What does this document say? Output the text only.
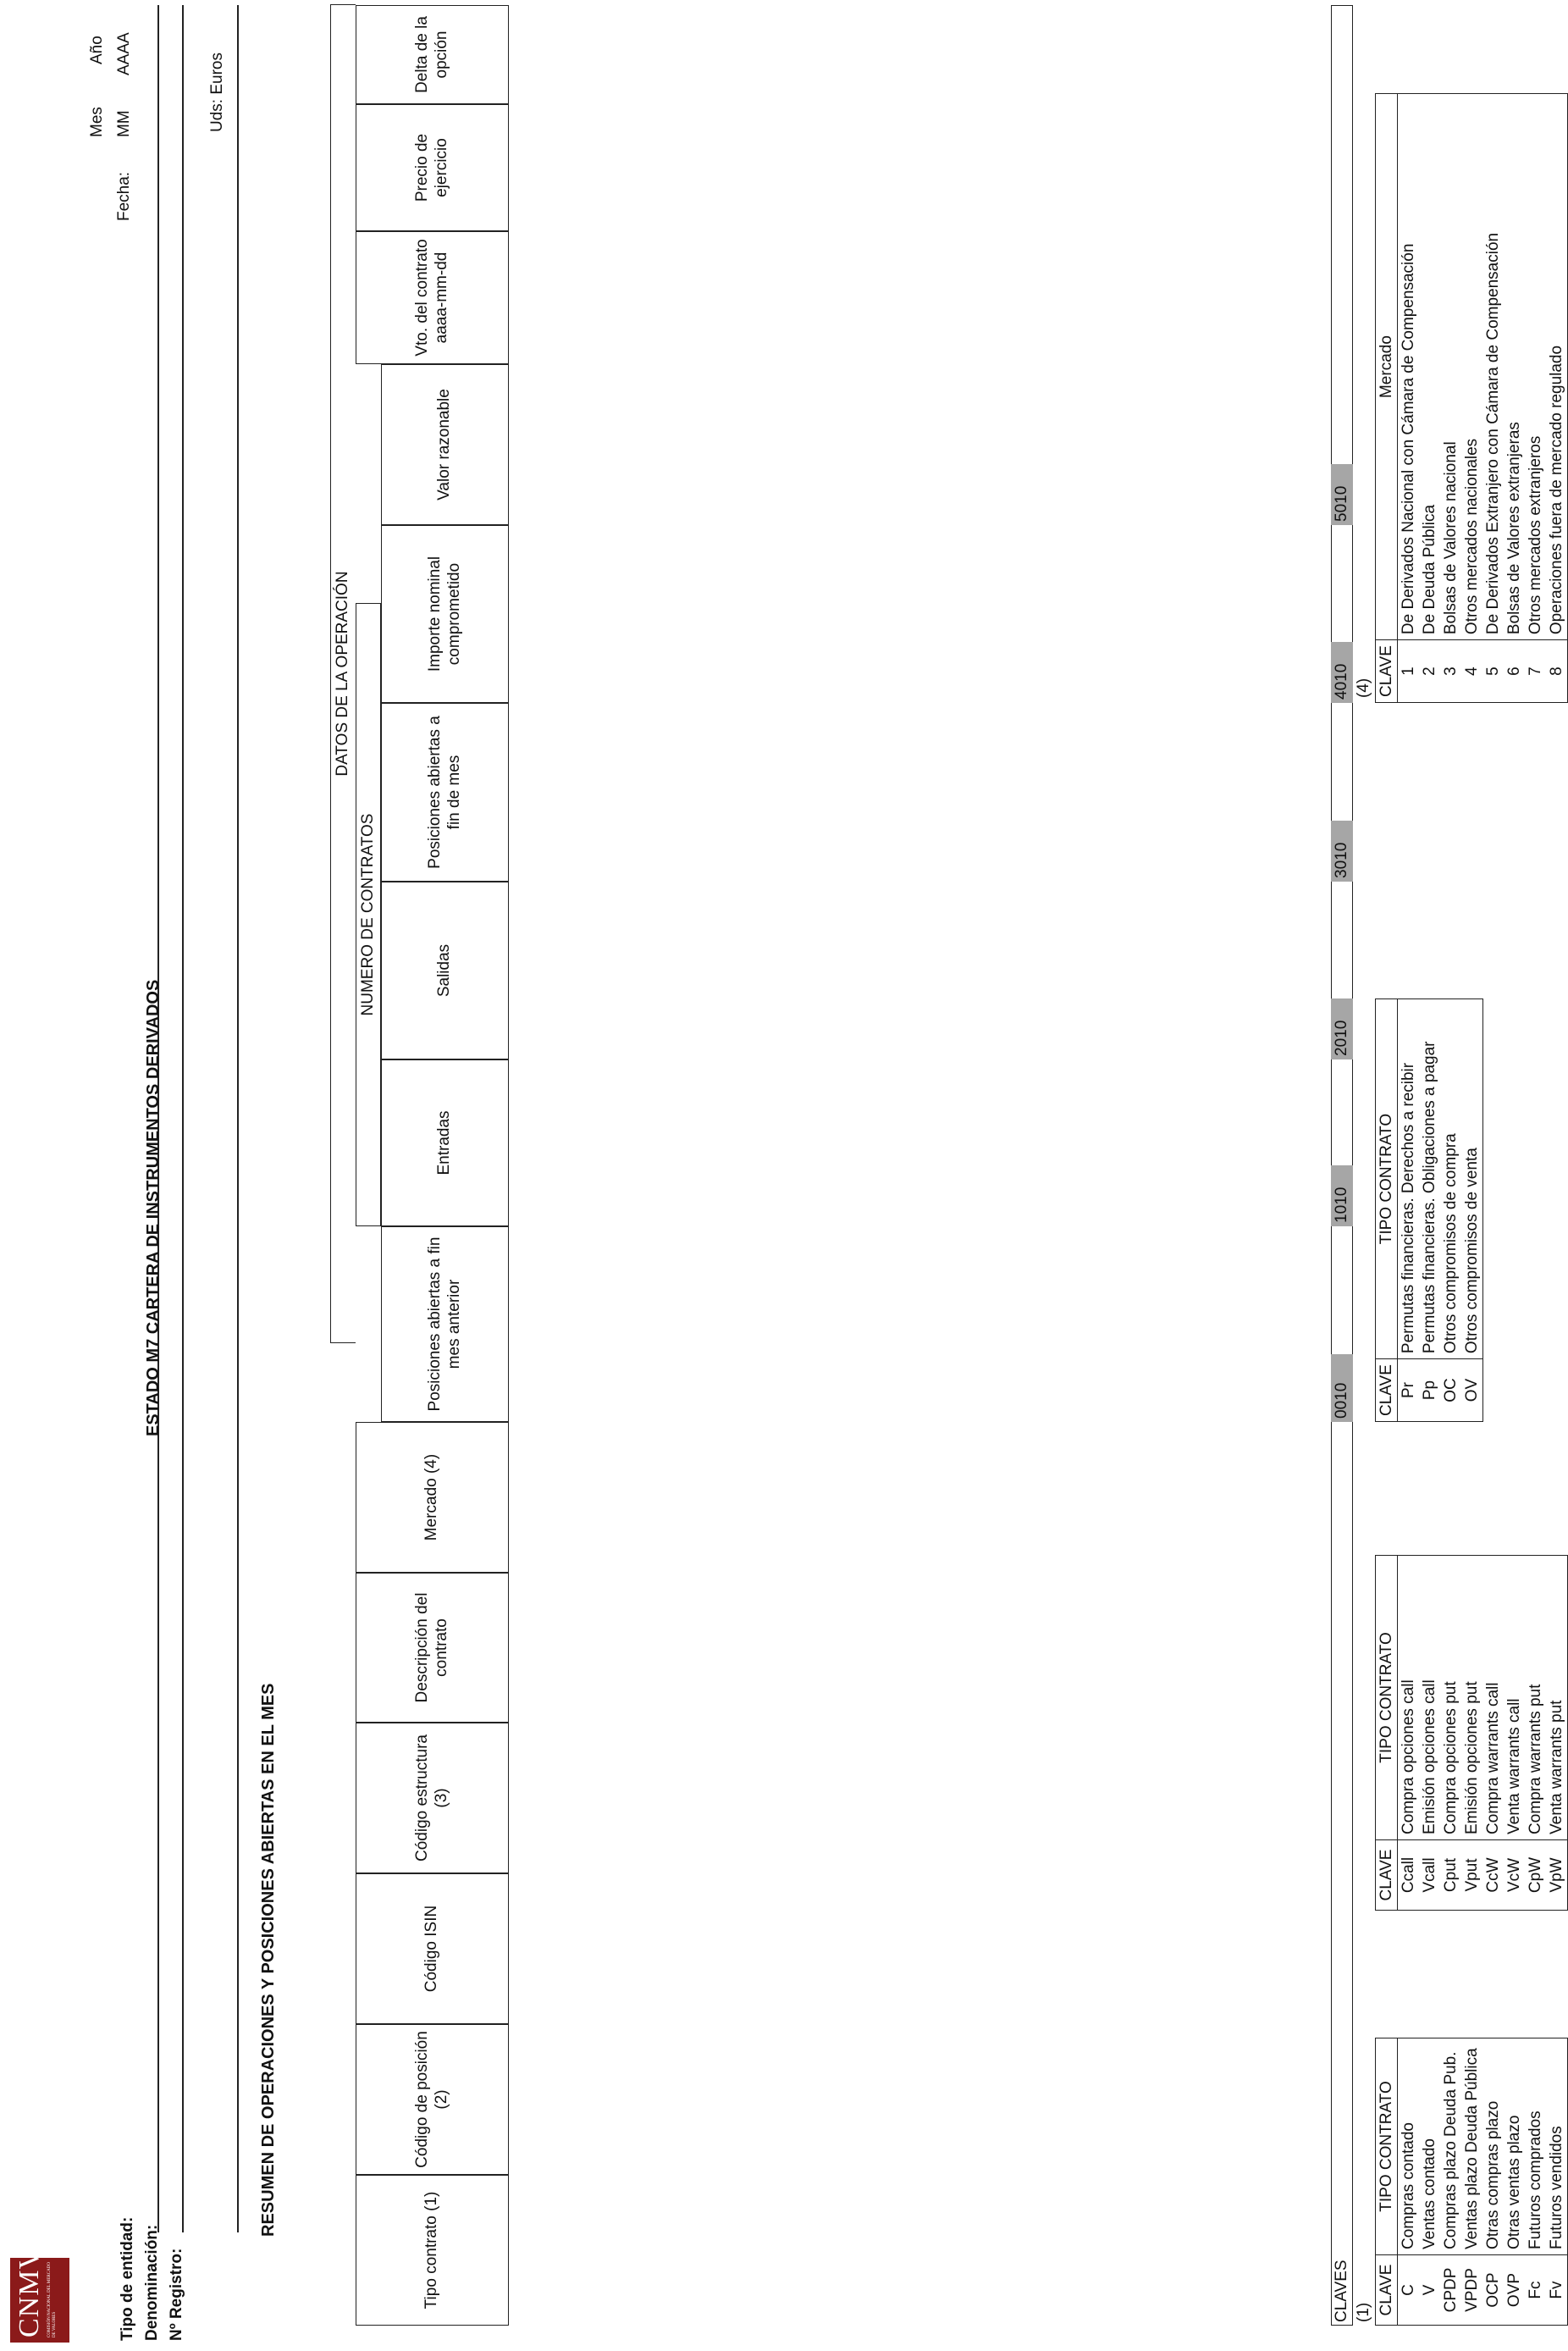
CNMV COMISIÓN NACIONAL DEL MERCADO DE VALORES	Tipo de entidad: Denominación: Nº Registro:
Fecha:
Mes MM
Año AAAA	Uds: Euros
ESTADO M7 CARTERA DE INSTRUMENTOS DERIVADOS
RESUMEN DE OPERACIONES Y POSICIONES ABIERTAS EN EL MES
DATOS DE LA OPERACIÓN
NUMERO DE CONTRATOS
Tipo contrato (1)
Código de posición (2)
Código ISIN
Código estructura (3)
Descripción del contrato
Mercado (4)
Posiciones abiertas a fin mes anterior
Entradas
Salidas
Posiciones abiertas a fin de mes
Importe nominal comprometido
Valor razonable
Vto. del contrato aaaa-mm-dd
Precio de ejercicio
Delta de la opción
CLAVES
0010
1010
2010
3010
4010
5010
(1)
(4)
CLAVE	TIPO CONTRATO
C	Compras contado
V	Ventas contado
CPDP	Compras plazo Deuda Pub.
VPDP	Ventas plazo Deuda Pública
OCP	Otras compras plazo
OVP	Otras ventas plazo
Fc	Futuros comprados
Fv	Futuros vendidos
CLAVE	TIPO CONTRATO
Ccall	Compra opciones call
Vcall	Emisión opciones call
Cput	Compra opciones put
Vput	Emisión opciones put
CcW	Compra warrants call
VcW	Venta warrants call
CpW	Compra warrants put
VpW	Venta warrants put
CLAVE	TIPO CONTRATO
Pr	Permutas financieras. Derechos a recibir
Pp	Permutas financieras. Obligaciones a pagar
OC	Otros compromisos de compra
OV	Otros compromisos de venta
CLAVE	Mercado
1	De Derivados Nacional con Cámara de Compensación
2	De Deuda Pública
3	Bolsas de Valores nacional
4	Otros mercados nacionales
5	De Derivados Extranjero con Cámara de Compensación
6	Bolsas de Valores extranjeras
7	Otros mercados extranjeros
8	Operaciones fuera de mercado regulado
